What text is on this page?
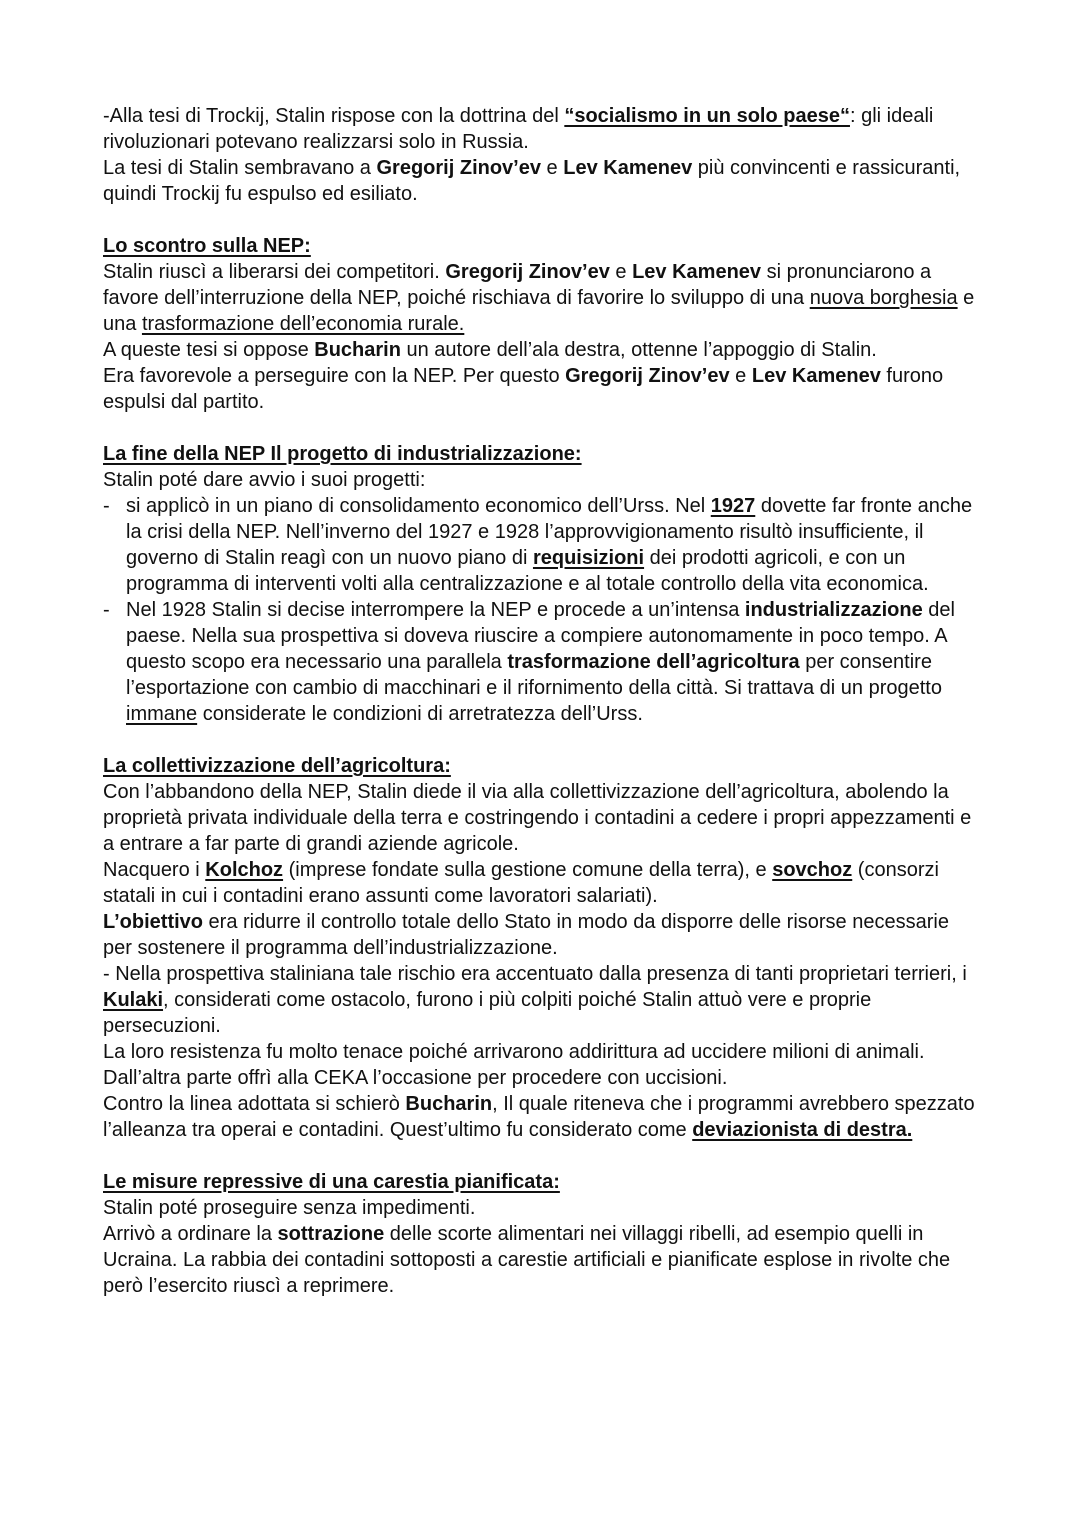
-Alla tesi di Trockij, Stalin rispose con la dottrina del “socialismo in un solo paese“: gli ideali rivoluzionari potevano realizzarsi solo in Russia.

La tesi di Stalin sembravano a Gregorij Zinov’ev e Lev Kamenev più convincenti e rassicuranti, quindi Trockij fu espulso ed esiliato.

Lo scontro sulla NEP:

Stalin riuscì a liberarsi dei competitori. Gregorij Zinov’ev e Lev Kamenev si pronunciarono a favore dell’interruzione della NEP, poiché rischiava di favorire lo sviluppo di una nuova borghesia e una trasformazione dell’economia rurale.

A queste tesi si oppose Bucharin un autore dell’ala destra, ottenne l’appoggio di Stalin.

Era favorevole a perseguire con la NEP. Per questo Gregorij Zinov’ev e Lev Kamenev furono espulsi dal partito.

La fine della NEP Il progetto di industrializzazione:

Stalin poté dare avvio i suoi progetti:

- si applicò in un piano di consolidamento economico dell’Urss. Nel 1927 dovette far fronte anche la crisi della NEP. Nell’inverno del 1927 e 1928 l’approvvigionamento risultò insufficiente, il governo di Stalin reagì con un nuovo piano di requisizioni dei prodotti agricoli, e con un programma di interventi volti alla centralizzazione e al totale controllo della vita economica.
- Nel 1928 Stalin si decise interrompere la NEP e procede a un’intensa industrializzazione del paese. Nella sua prospettiva si doveva riuscire a compiere autonomamente in poco tempo. A questo scopo era necessario una parallela trasformazione dell’agricoltura per consentire l’esportazione con cambio di macchinari e il rifornimento della città. Si trattava di un progetto immane considerate le condizioni di arretratezza dell’Urss.

La collettivizzazione dell’agricoltura:

Con l’abbandono della NEP, Stalin diede il via alla collettivizzazione dell’agricoltura, abolendo la proprietà privata individuale della terra e costringendo i contadini a cedere i propri appezzamenti e a entrare a far parte di grandi aziende agricole.

Nacquero i Kolchoz (imprese fondate sulla gestione comune della terra), e sovchoz (consorzi statali in cui i contadini erano assunti come lavoratori salariati).

L’obiettivo era ridurre il controllo totale dello Stato in modo da disporre delle risorse necessarie per sostenere il programma dell’industrializzazione.

- Nella prospettiva staliniana tale rischio era accentuato dalla presenza di tanti proprietari terrieri, i Kulaki, considerati come ostacolo, furono i più colpiti poiché Stalin attuò vere e proprie persecuzioni.

La loro resistenza fu molto tenace poiché arrivarono addirittura ad uccidere milioni di animali. Dall’altra parte offrì alla CEKA l’occasione per procedere con uccisioni.

Contro la linea adottata si schierò Bucharin, Il quale riteneva che i programmi avrebbero spezzato l’alleanza tra operai e contadini. Quest’ultimo fu considerato come deviazionista di destra.

Le misure repressive di una carestia pianificata:

Stalin poté proseguire senza impedimenti.

Arrivò a ordinare la sottrazione delle scorte alimentari nei villaggi ribelli, ad esempio quelli in Ucraina. La rabbia dei contadini sottoposti a carestie artificiali e pianificate esplose in rivolte che però l’esercito riuscì a reprimere.
